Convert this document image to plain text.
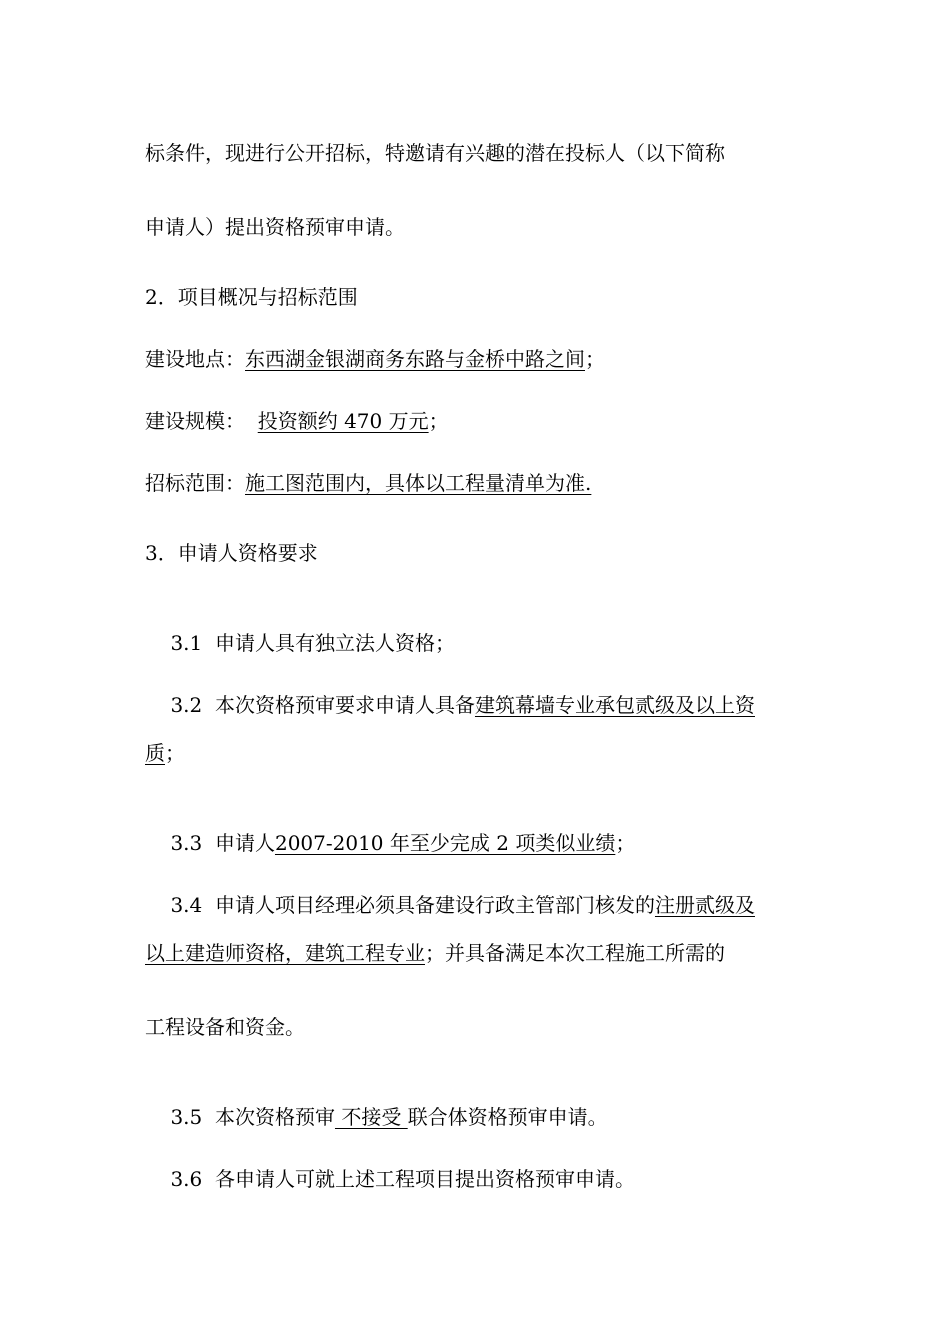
标条件，现进行公开招标，特邀请有兴趣的潜在投标人（以下简称
申请人）提出资格预审申请。
2．项目概况与招标范围
建设地点：东西湖金银湖商务东路与金桥中路之间；
建设规模： 投资额约 470 万元；
招标范围：施工图范围内，具体以工程量清单为准.
3．申请人资格要求

3.1  申请人具有独立法人资格；

3.2  本次资格预审要求申请人具备建筑幕墙专业承包贰级及以上资

质；

3.3  申请人2007-2010 年至少完成 2 项类似业绩；

3.4  申请人项目经理必须具备建设行政主管部门核发的注册贰级及

以上建造师资格，建筑工程专业；并具备满足本次工程施工所需的
工程设备和资金。

3.5  本次资格预审 不接受 联合体资格预审申请。

3.6  各申请人可就上述工程项目提出资格预审申请。
